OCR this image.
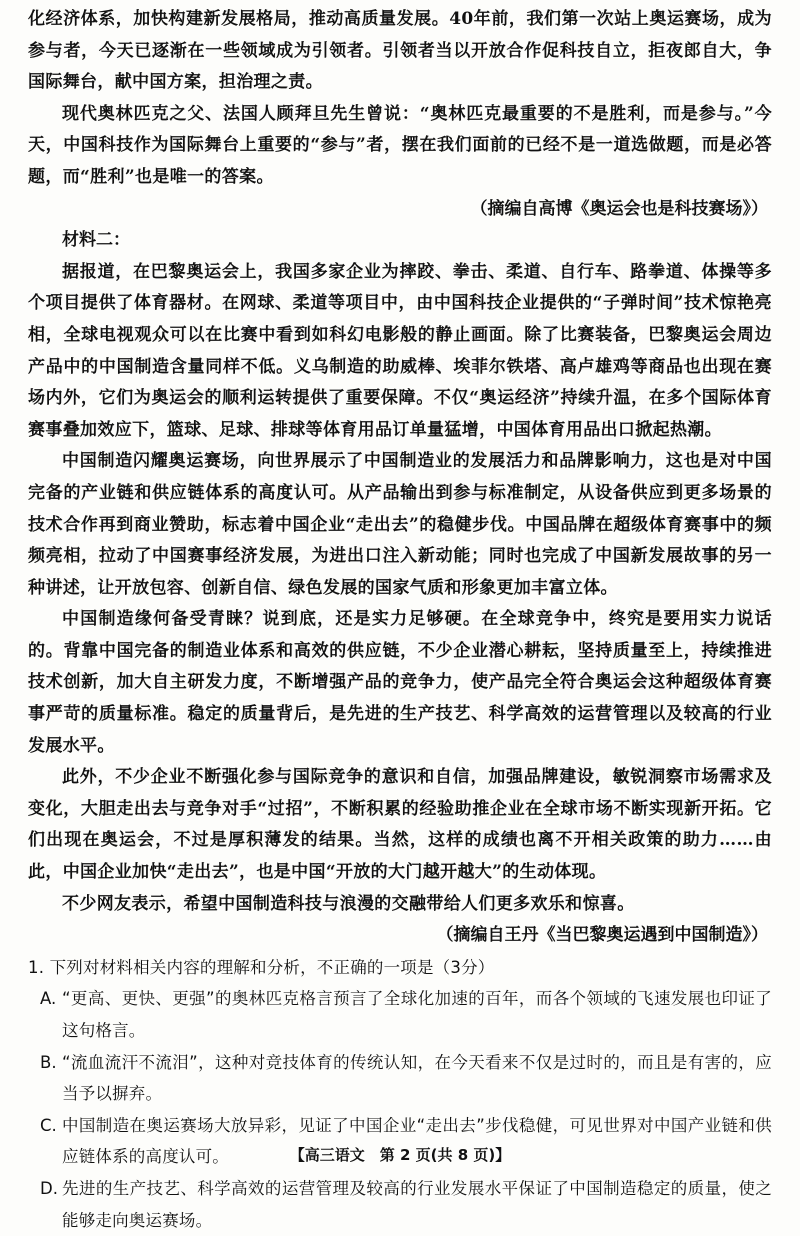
化经济体系，加快构建新发展格局，推动高质量发展。40年前，我们第一次站上奥运赛场，成为参与者，今天已逐渐在一些领域成为引领者。引领者当以开放合作促科技自立，拒夜郎自大，争国际舞台，献中国方案，担治理之责。

现代奥林匹克之父、法国人顾拜旦先生曾说：“奥林匹克最重要的不是胜利，而是参与。”今天，中国科技作为国际舞台上重要的“参与”者，摆在我们面前的已经不是一道选做题，而是必答题，而“胜利”也是唯一的答案。

（摘编自高博《奥运会也是科技赛场》）

材料二：

据报道，在巴黎奥运会上，我国多家企业为摔跤、拳击、柔道、自行车、路拳道、体操等多个项目提供了体育器材。在网球、柔道等项目中，由中国科技企业提供的“子弹时间”技术惊艳亮相，全球电视观众可以在比赛中看到如科幻电影般的静止画面。除了比赛装备，巴黎奥运会周边产品中的中国制造含量同样不低。义乌制造的助威棒、埃菲尔铁塔、高卢雄鸡等商品也出现在赛场内外，它们为奥运会的顺利运转提供了重要保障。不仅“奥运经济”持续升温，在多个国际体育赛事叠加效应下，篮球、足球、排球等体育用品订单量猛增，中国体育用品出口掀起热潮。

中国制造闪耀奥运赛场，向世界展示了中国制造业的发展活力和品牌影响力，这也是对中国完备的产业链和供应链体系的高度认可。从产品输出到参与标准制定，从设备供应到更多场景的技术合作再到商业赞助，标志着中国企业“走出去”的稳健步伐。中国品牌在超级体育赛事中的频频亮相，拉动了中国赛事经济发展，为进出口注入新动能；同时也完成了中国新发展故事的另一种讲述，让开放包容、创新自信、绿色发展的国家气质和形象更加丰富立体。

中国制造缘何备受青睐？说到底，还是实力足够硬。在全球竞争中，终究是要用实力说话的。背靠中国完备的制造业体系和高效的供应链，不少企业潜心耕耘，坚持质量至上，持续推进技术创新，加大自主研发力度，不断增强产品的竞争力，使产品完全符合奥运会这种超级体育赛事严苛的质量标准。稳定的质量背后，是先进的生产技艺、科学高效的运营管理以及较高的行业发展水平。

此外，不少企业不断强化参与国际竞争的意识和自信，加强品牌建设，敏锐洞察市场需求及变化，大胆走出去与竞争对手“过招”，不断积累的经验助推企业在全球市场不断实现新开拓。它们出现在奥运会，不过是厚积薄发的结果。当然，这样的成绩也离不开相关政策的助力……由此，中国企业加快“走出去”，也是中国“开放的大门越开越大”的生动体现。

不少网友表示，希望中国制造科技与浪漫的交融带给人们更多欢乐和惊喜。

（摘编自王丹《当巴黎奥运遇到中国制造》）

1. 下列对材料相关内容的理解和分析，不正确的一项是（3分）

A. “更高、更快、更强”的奥林匹克格言预言了全球化加速的百年，而各个领域的飞速发展也印证了这句格言。
B. “流血流汗不流泪”，这种对竞技体育的传统认知，在今天看来不仅是过时的，而且是有害的，应当予以摒弃。
C. 中国制造在奥运赛场大放异彩，见证了中国企业“走出去”步伐稳健，可见世界对中国产业链和供应链体系的高度认可。
D. 先进的生产技艺、科学高效的运营管理及较高的行业发展水平保证了中国制造稳定的质量，使之能够走向奥运赛场。
【高三语文　第 2 页(共 8 页)】
